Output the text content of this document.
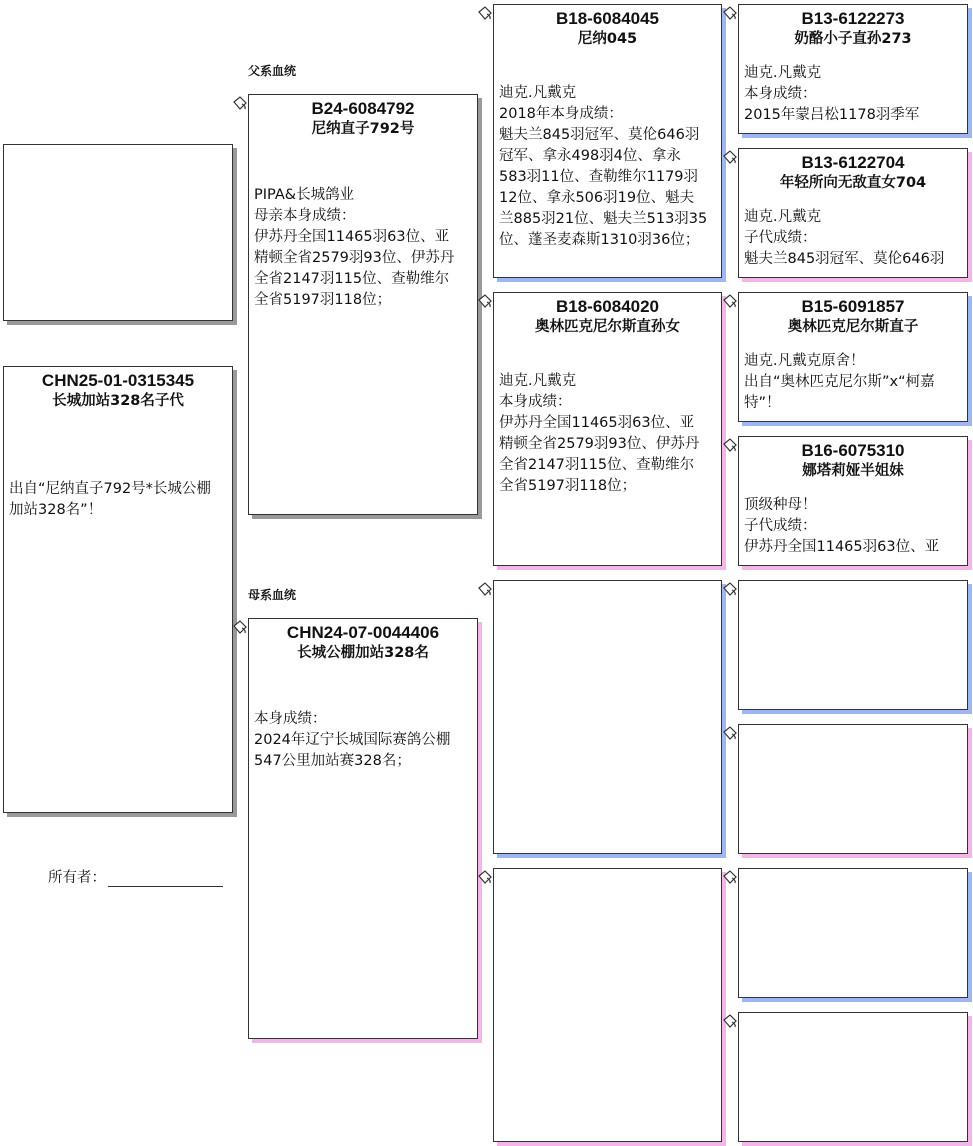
父系血统
母系血统
CHN25-01-0315345
长城加站328名子代
出自“尼纳直子792号*长城公棚
加站328名”！
所有者：
B24-6084792
尼纳直子792号
PIPA&长城鸽业
母亲本身成绩：
伊苏丹全国11465羽63位、亚
精顿全省2579羽93位、伊苏丹
全省2147羽115位、查勒维尔
全省5197羽118位；
CHN24-07-0044406
长城公棚加站328名
本身成绩：
2024年辽宁长城国际赛鸽公棚
547公里加站赛328名；
B18-6084045
尼纳045
迪克.凡戴克
2018年本身成绩：
魁夫兰845羽冠军、莫伦646羽
冠军、拿永498羽4位、拿永
583羽11位、查勒维尔1179羽
12位、拿永506羽19位、魁夫
兰885羽21位、魁夫兰513羽35
位、蓬圣麦森斯1310羽36位；
B18-6084020
奥林匹克尼尔斯直孙女
迪克.凡戴克
本身成绩：
伊苏丹全国11465羽63位、亚
精顿全省2579羽93位、伊苏丹
全省2147羽115位、查勒维尔
全省5197羽118位；
B13-6122273
奶酪小子直孙273
迪克.凡戴克
本身成绩：
2015年蒙吕松1178羽季军
B13-6122704
年轻所向无敌直女704
迪克.凡戴克
子代成绩：
魁夫兰845羽冠军、莫伦646羽
B15-6091857
奥林匹克尼尔斯直子
迪克.凡戴克原舍！
出自“奥林匹克尼尔斯”x“柯嘉
特”！
B16-6075310
娜塔莉娅半姐妹
顶级种母！
子代成绩：
伊苏丹全国11465羽63位、亚
